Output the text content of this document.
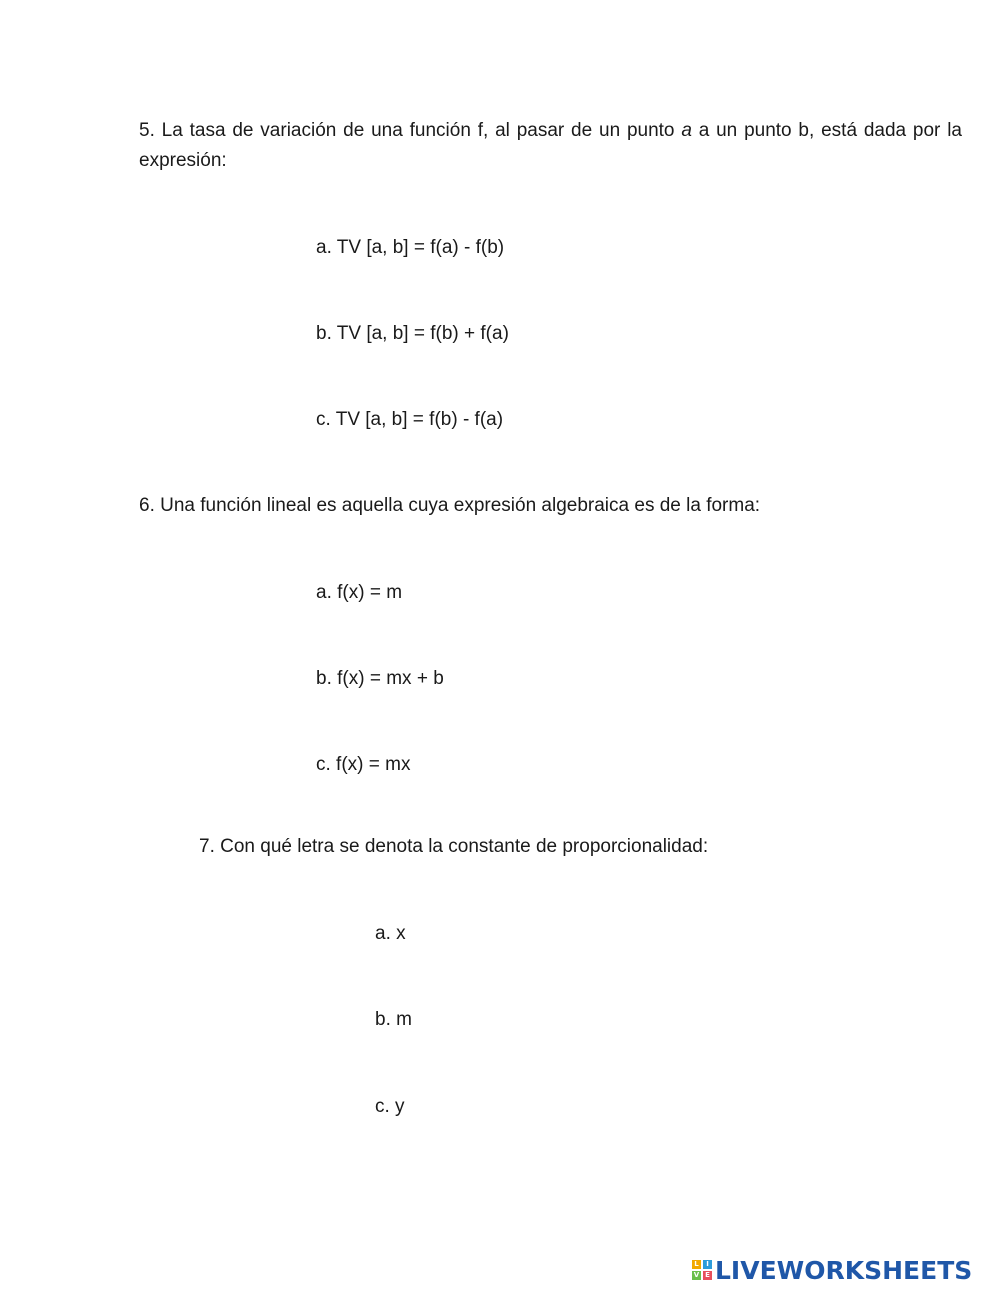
5. La tasa de variación de una función f, al pasar de un punto a a un punto b, está dada por la expresión:
a. TV [a, b] = f(a) - f(b)
b. TV [a, b] = f(b) + f(a)
c. TV [a, b] = f(b) - f(a)
6. Una función lineal es aquella cuya expresión algebraica es de la forma:
a. f(x) = m
b. f(x) = mx + b
c. f(x) = mx
7. Con qué letra se denota la constante de proporcionalidad:
a. x
b. m
c. y
L	I
V E LIVEWORKSHEETS
